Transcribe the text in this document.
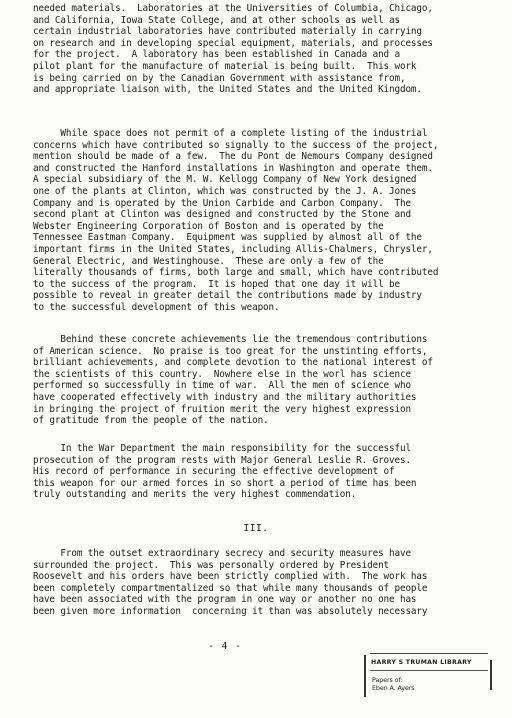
needed materials.  Laboratories at the Universities of Columbia, Chicago,
and California, Iowa State College, and at other schools as well as
certain industrial laboratories have contributed materially in carrying
on research and in developing special equipment, materials, and processes
for the project.  A laboratory has been established in Canada and a
pilot plant for the manufacture of material is being built.  This work
is being carried on by the Canadian Government with assistance from,
and appropriate liaison with, the United States and the United Kingdom.
While space does not permit of a complete listing of the industrial
concerns which have contributed so signally to the success of the project,
mention should be made of a few.  The du Pont de Nemours Company designed
and constructed the Hanford installations in Washington and operate them.
A special subsidiary of the M. W. Kellogg Company of New York designed
one of the plants at Clinton, which was constructed by the J. A. Jones
Company and is operated by the Union Carbide and Carbon Company.  The
second plant at Clinton was designed and constructed by the Stone and
Webster Engineering Corporation of Boston and is operated by the
Tennessee Eastman Company.  Equipment was supplied by almost all of the
important firms in the United States, including Allis-Chalmers, Chrysler,
General Electric, and Westinghouse.  These are only a few of the
literally thousands of firms, both large and small, which have contributed
to the success of the program.  It is hoped that one day it will be
possible to reveal in greater detail the contributions made by industry
to the successful development of this weapon.
Behind these concrete achievements lie the tremendous contributions
of American science.  No praise is too great for the unstinting efforts,
brilliant achievements, and complete devotion to the national interest of
the scientists of this country.  Nowhere else in the worl has science
performed so successfully in time of war.  All the men of science who
have cooperated effectively with industry and the military authorities
in bringing the project of fruition merit the very highest expression
of gratitude from the people of the nation.
In the War Department the main responsibility for the successful
prosecution of the program rests with Major General Leslie R. Groves.
His record of performance in securing the effective development of
this weapon for our armed forces in so short a period of time has been
truly outstanding and merits the very highest commendation.
III.
From the outset extraordinary secrecy and security measures have
surrounded the project.  This was personally ordered by President
Roosevelt and his orders have been strictly complied with.  The work has
been completely compartmentalized so that while many thousands of people
have been associated with the program in one way or another no one has
been given more information  concerning it than was absolutely necessary
- 4 -
HARRY S TRUMAN LIBRARY
Papers of:
Eben A. Ayers
